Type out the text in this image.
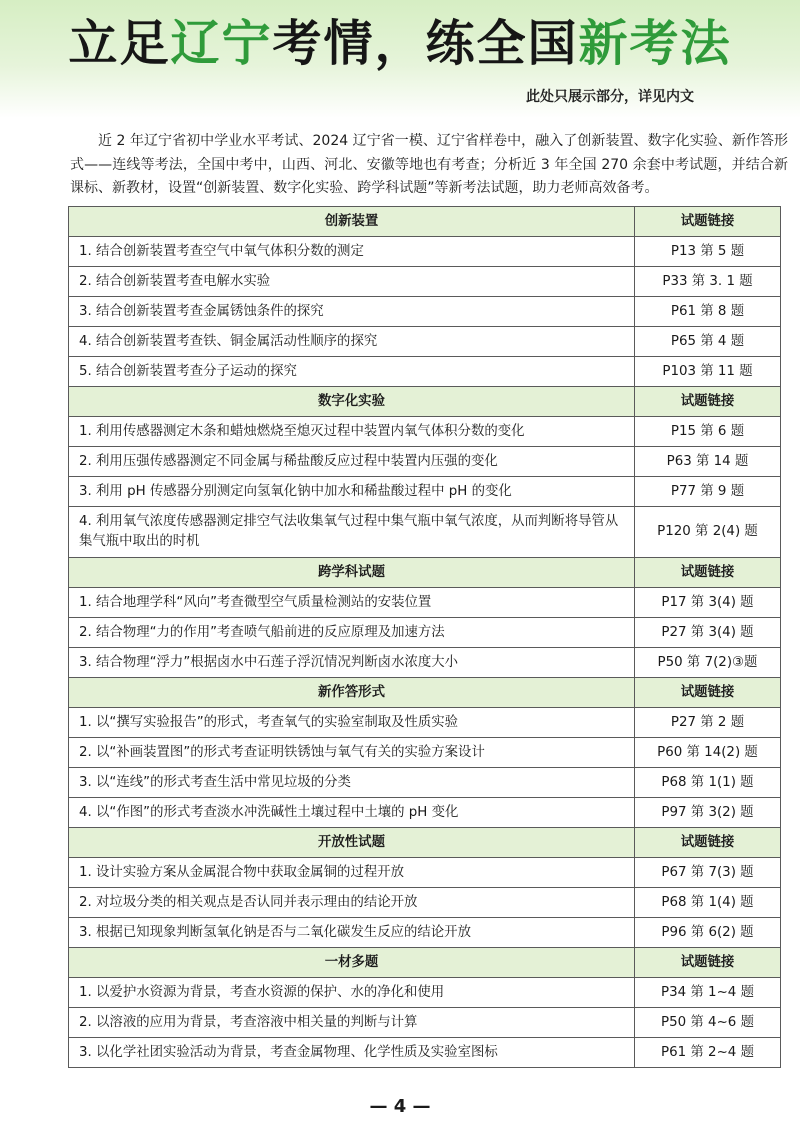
立足辽宁考情，练全国新考法
此处只展示部分，详见内文
近 2 年辽宁省初中学业水平考试、2024 辽宁省一模、辽宁省样卷中，融入了创新装置、数字化实验、新作答形式——连线等考法，全国中考中，山西、河北、安徽等地也有考查；分析近 3 年全国 270 余套中考试题，并结合新课标、新教材，设置“创新装置、数字化实验、跨学科试题”等新考法试题，助力老师高效备考。
创新装置	试题链接
1. 结合创新装置考查空气中氧气体积分数的测定	P13 第 5 题
2. 结合创新装置考查电解水实验	P33 第 3. 1 题
3. 结合创新装置考查金属锈蚀条件的探究	P61 第 8 题
4. 结合创新装置考查铁、铜金属活动性顺序的探究	P65 第 4 题
5. 结合创新装置考查分子运动的探究	P103 第 11 题
数字化实验	试题链接
1. 利用传感器测定木条和蜡烛燃烧至熄灭过程中装置内氧气体积分数的变化	P15 第 6 题
2. 利用压强传感器测定不同金属与稀盐酸反应过程中装置内压强的变化	P63 第 14 题
3. 利用 pH 传感器分别测定向氢氧化钠中加水和稀盐酸过程中 pH 的变化	P77 第 9 题
4. 利用氧气浓度传感器测定排空气法收集氧气过程中集气瓶中氧气浓度，从而判断将导管从集气瓶中取出的时机	P120 第 2(4) 题
跨学科试题	试题链接
1. 结合地理学科“风向”考查微型空气质量检测站的安装位置	P17 第 3(4) 题
2. 结合物理“力的作用”考查喷气船前进的反应原理及加速方法	P27 第 3(4) 题
3. 结合物理“浮力”根据卤水中石莲子浮沉情况判断卤水浓度大小	P50 第 7(2)③题
新作答形式	试题链接
1. 以“撰写实验报告”的形式，考查氧气的实验室制取及性质实验	P27 第 2 题
2. 以“补画装置图”的形式考查证明铁锈蚀与氧气有关的实验方案设计	P60 第 14(2) 题
3. 以“连线”的形式考查生活中常见垃圾的分类	P68 第 1(1) 题
4. 以“作图”的形式考查淡水冲洗碱性土壤过程中土壤的 pH 变化	P97 第 3(2) 题
开放性试题	试题链接
1. 设计实验方案从金属混合物中获取金属铜的过程开放	P67 第 7(3) 题
2. 对垃圾分类的相关观点是否认同并表示理由的结论开放	P68 第 1(4) 题
3. 根据已知现象判断氢氧化钠是否与二氧化碳发生反应的结论开放	P96 第 6(2) 题
一材多题	试题链接
1. 以爱护水资源为背景，考查水资源的保护、水的净化和使用	P34 第 1~4 题
2. 以溶液的应用为背景，考查溶液中相关量的判断与计算	P50 第 4~6 题
3. 以化学社团实验活动为背景，考查金属物理、化学性质及实验室图标	P61 第 2~4 题
— 4 —
